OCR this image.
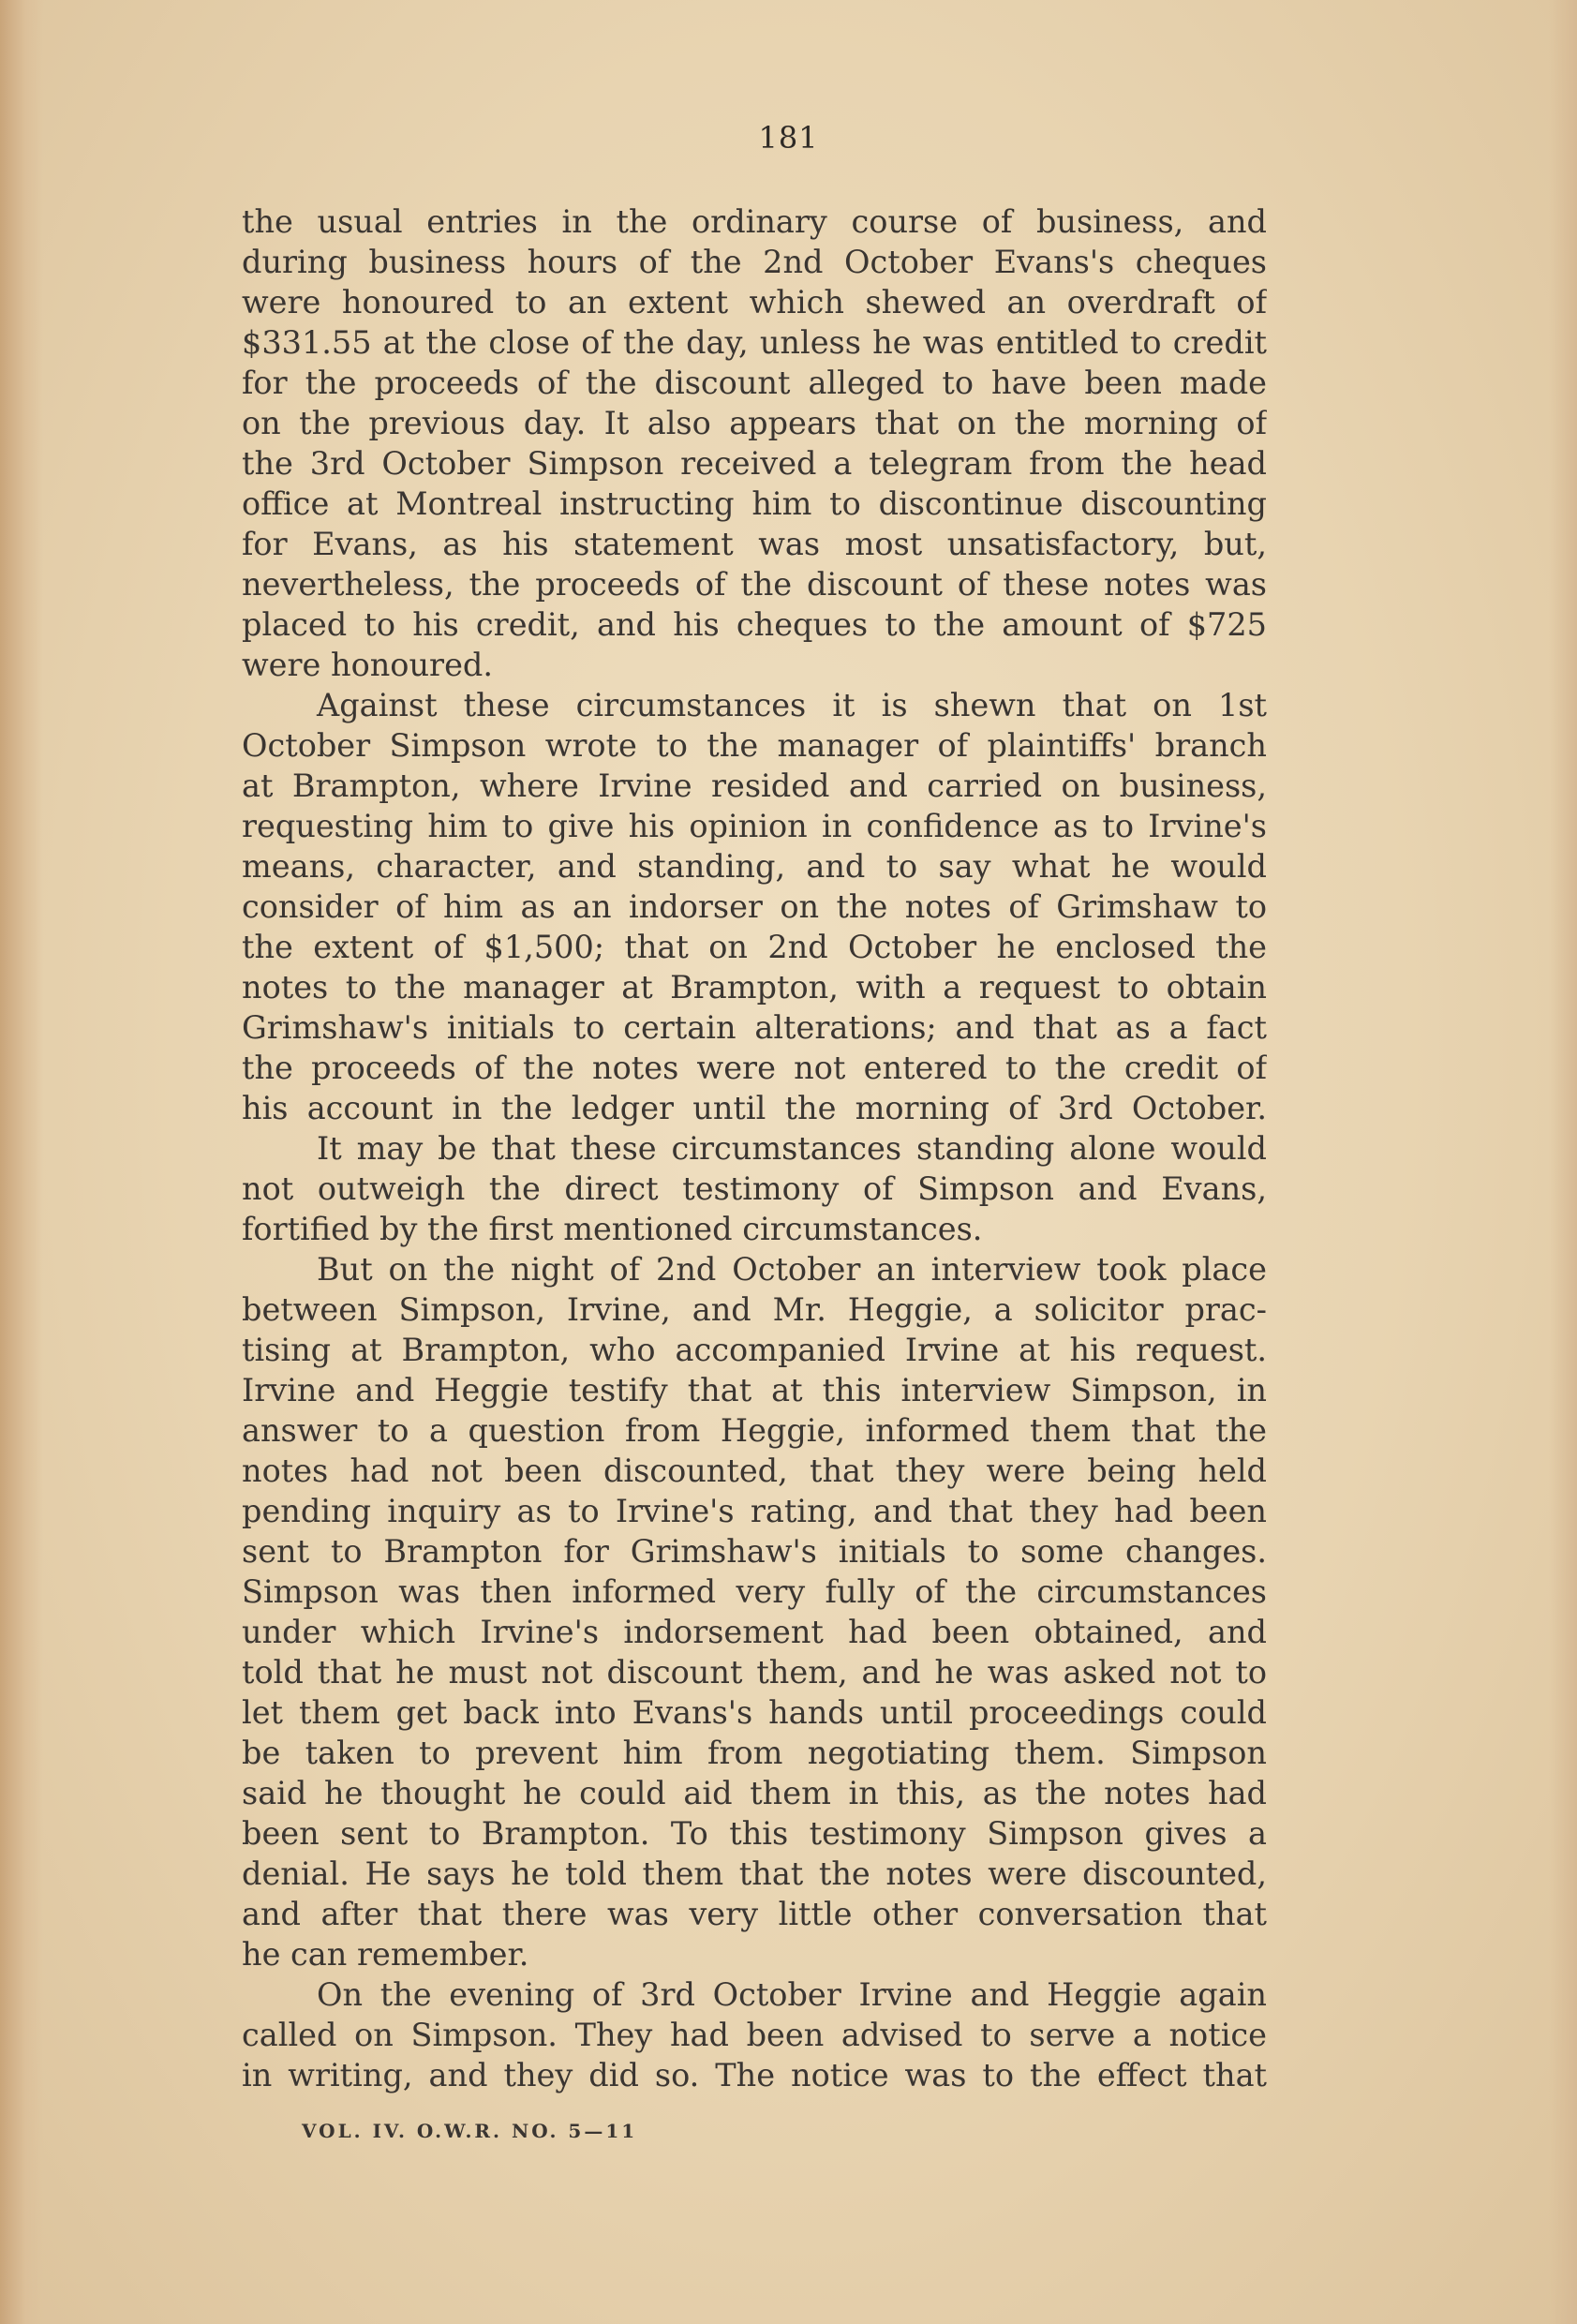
181
the usual entries in the ordinary course of business, and
during business hours of the 2nd October Evans's cheques
were honoured to an extent which shewed an overdraft of
$331.55 at the close of the day, unless he was entitled to credit
for the proceeds of the discount alleged to have been made
on the previous day. It also appears that on the morning of
the 3rd October Simpson received a telegram from the head
office at Montreal instructing him to discontinue discounting
for Evans, as his statement was most unsatisfactory, but,
nevertheless, the proceeds of the discount of these notes was
placed to his credit, and his cheques to the amount of $725
were honoured.
Against these circumstances it is shewn that on 1st
October Simpson wrote to the manager of plaintiffs' branch
at Brampton, where Irvine resided and carried on business,
requesting him to give his opinion in confidence as to Irvine's
means, character, and standing, and to say what he would
consider of him as an indorser on the notes of Grimshaw to
the extent of $1,500; that on 2nd October he enclosed the
notes to the manager at Brampton, with a request to obtain
Grimshaw's initials to certain alterations; and that as a fact
the proceeds of the notes were not entered to the credit of
his account in the ledger until the morning of 3rd October.
It may be that these circumstances standing alone would
not outweigh the direct testimony of Simpson and Evans,
fortified by the first mentioned circumstances.
But on the night of 2nd October an interview took place
between Simpson, Irvine, and Mr. Heggie, a solicitor prac-
tising at Brampton, who accompanied Irvine at his request.
Irvine and Heggie testify that at this interview Simpson, in
answer to a question from Heggie, informed them that the
notes had not been discounted, that they were being held
pending inquiry as to Irvine's rating, and that they had been
sent to Brampton for Grimshaw's initials to some changes.
Simpson was then informed very fully of the circumstances
under which Irvine's indorsement had been obtained, and
told that he must not discount them, and he was asked not to
let them get back into Evans's hands until proceedings could
be taken to prevent him from negotiating them. Simpson
said he thought he could aid them in this, as the notes had
been sent to Brampton. To this testimony Simpson gives a
denial. He says he told them that the notes were discounted,
and after that there was very little other conversation that
he can remember.
On the evening of 3rd October Irvine and Heggie again
called on Simpson. They had been advised to serve a notice
in writing, and they did so. The notice was to the effect that
VOL. IV. O.W.R. NO. 5—11
